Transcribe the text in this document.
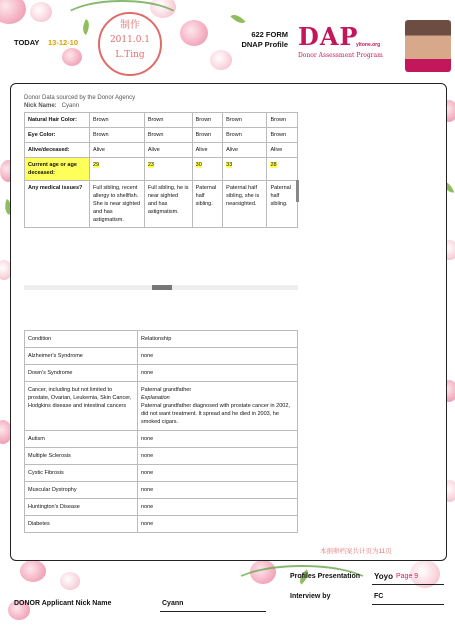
TODAY 13-12-10
制作
2011.0.1
L.Ting
622 FORM
DNAP Profile DAP
yltone.org
Donor Assessment Program
Donor Data sourced by the Donor Agency
Nick Name: Cyann
Natural Hair Color:	Brown	Brown	Brown	Brown	Brown
Eye Color:	Brown	Brown	Brown	Brown	Brown
Alive/deceased:	Alive	Alive	Alive	Alive	Alive
Current age or age deceased:	29	23	30	33	28
Any medical issues?	Full sibling, recent allergy to shellfish. She is near sighted and has astigmatism.	Full sibling, he is near sighted and has astigmatism.	Paternal half sibling.	Paternal half sibling, she is nearsighted.	Paternal half sibling.
Condition	Relationship
Alzheimer's Syndrome	none

Down's Syndrome	none

Cancer, including but not limited to prostate, Ovarian, Leukemia, Skin Cancer, Hodgkins disease and intestinal cancers	Paternal grandfather
Explanation
Paternal grandfather diagnosed with prostate cancer in 2002, did not want treatment. It spread and he died in 2003, he smoked cigars.

Autism	none

Multiple Sclerosis	none

Cystic Fibrosis	none

Muscular Dystrophy	none

Huntington's Disease	none

Diabetes	none
本捐卵档案共计页为11页
Profiles Presentation Yoyo Page 9
Interview by	FC
DONOR Applicant Nick Name	Cyann
